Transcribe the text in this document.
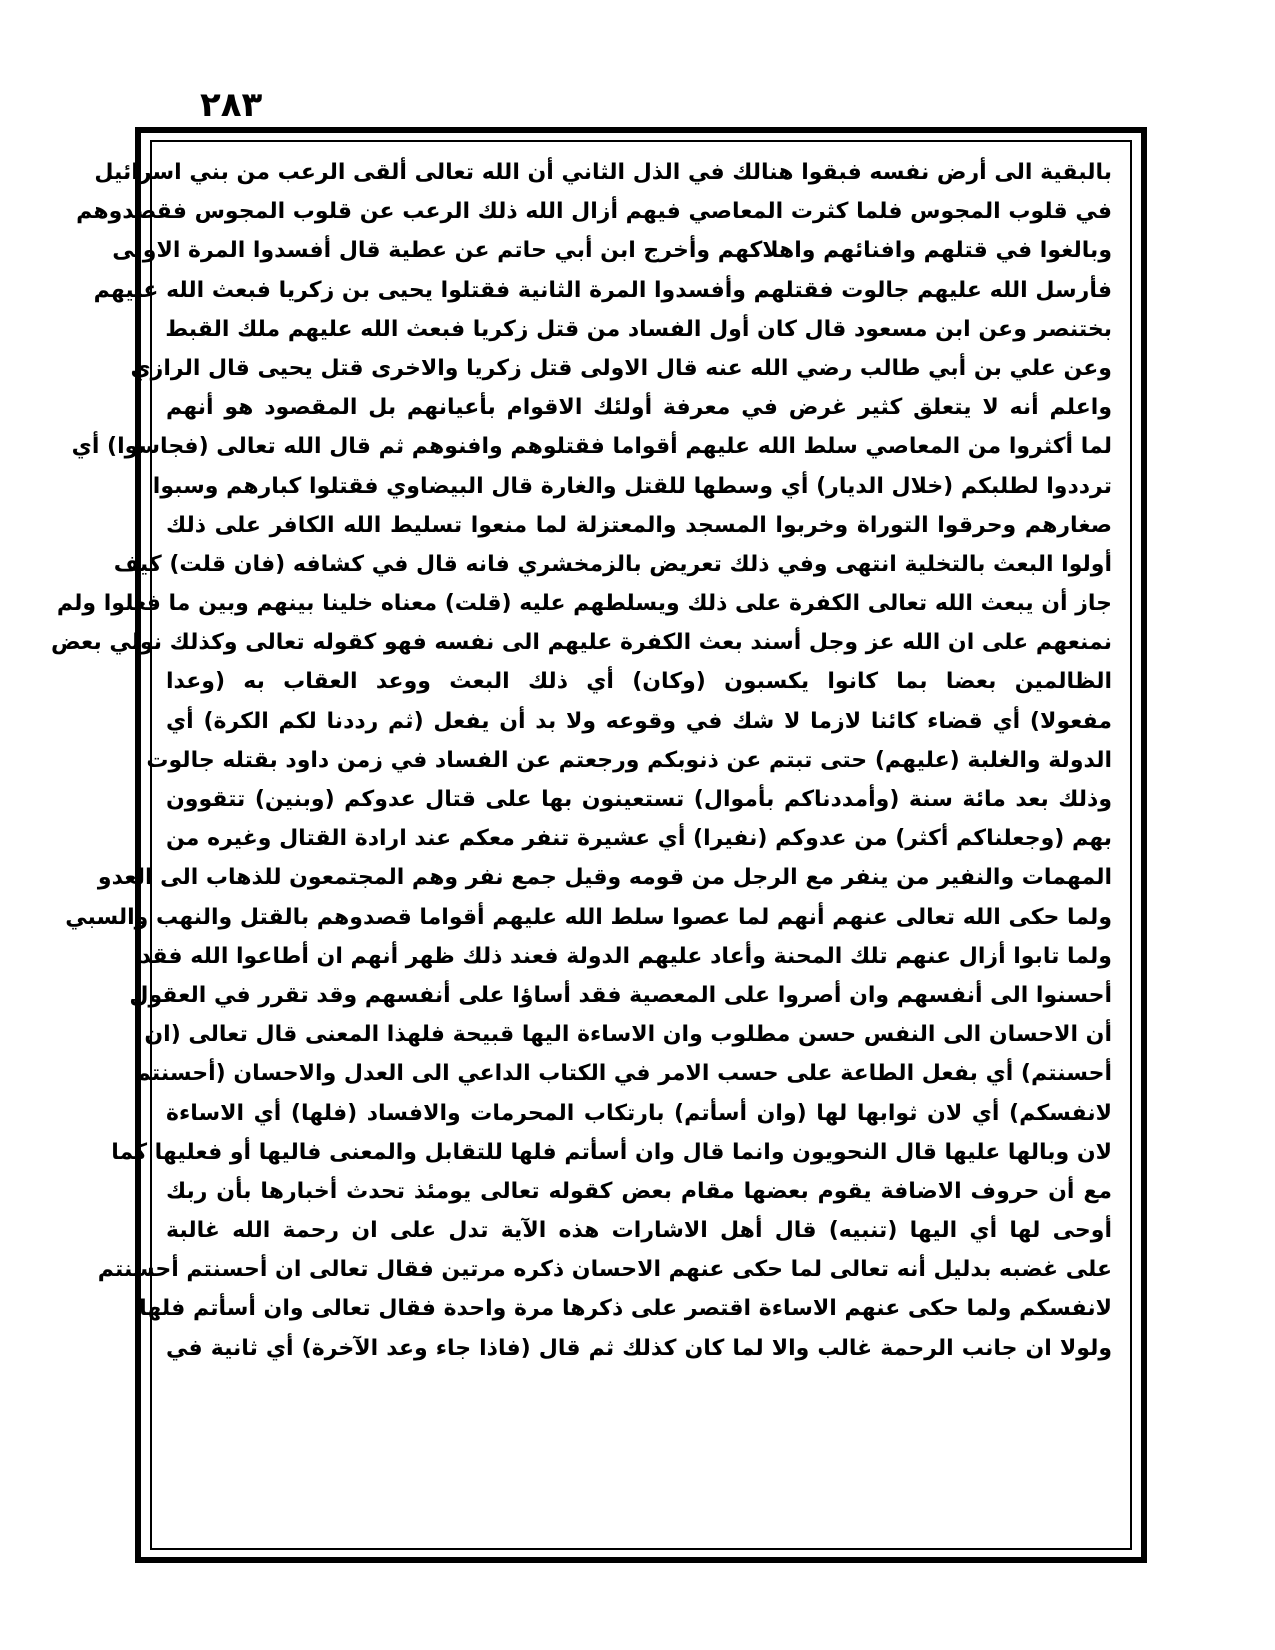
٢٨٣
بالبقية الى أرض نفسه فبقوا هنالك في الذل الثاني أن الله تعالى ألقى الرعب من بني اسرائيل
في قلوب المجوس فلما كثرت المعاصي فيهم أزال الله ذلك الرعب عن قلوب المجوس فقصدوهم
وبالغوا في قتلهم وافنائهم واهلاكهم وأخرج ابن أبي حاتم عن عطية قال أفسدوا المرة الاولى
فأرسل الله عليهم جالوت فقتلهم وأفسدوا المرة الثانية فقتلوا يحيى بن زكريا فبعث الله عليهم
بختنصر وعن ابن مسعود قال كان أول الفساد من قتل زكريا فبعث الله عليهم ملك القبط
وعن علي بن أبي طالب رضي الله عنه قال الاولى قتل زكريا والاخرى قتل يحيى قال الرازي
واعلم أنه لا يتعلق كثير غرض في معرفة أولئك الاقوام بأعيانهم بل المقصود هو أنهم
لما أكثروا من المعاصي سلط الله عليهم أقواما فقتلوهم وافنوهم ثم قال الله تعالى (فجاسوا) أي
ترددوا لطلبكم (خلال الديار) أي وسطها للقتل والغارة قال البيضاوي فقتلوا كبارهم وسبوا
صغارهم وحرقوا التوراة وخربوا المسجد والمعتزلة لما منعوا تسليط الله الكافر على ذلك
أولوا البعث بالتخلية انتهى وفي ذلك تعريض بالزمخشري فانه قال في كشافه (فان قلت) كيف
جاز أن يبعث الله تعالى الكفرة على ذلك ويسلطهم عليه (قلت) معناه خلينا بينهم وبين ما فعلوا ولم
نمنعهم على ان الله عز وجل أسند بعث الكفرة عليهم الى نفسه فهو كقوله تعالى وكذلك نولي بعض
الظالمين بعضا بما كانوا يكسبون (وكان) أي ذلك البعث ووعد العقاب به (وعدا
مفعولا) أي قضاء كائنا لازما لا شك في وقوعه ولا بد أن يفعل (ثم رددنا لكم الكرة) أي
الدولة والغلبة (عليهم) حتى تبتم عن ذنوبكم ورجعتم عن الفساد في زمن داود بقتله جالوت
وذلك بعد مائة سنة (وأمددناكم بأموال) تستعينون بها على قتال عدوكم (وبنين) تتقوون
بهم (وجعلناكم أكثر) من عدوكم (نفيرا) أي عشيرة تنفر معكم عند ارادة القتال وغيره من
المهمات والنفير من ينفر مع الرجل من قومه وقيل جمع نفر وهم المجتمعون للذهاب الى العدو
ولما حكى الله تعالى عنهم أنهم لما عصوا سلط الله عليهم أقواما قصدوهم بالقتل والنهب والسبي
ولما تابوا أزال عنهم تلك المحنة وأعاد عليهم الدولة فعند ذلك ظهر أنهم ان أطاعوا الله فقد
أحسنوا الى أنفسهم وان أصروا على المعصية فقد أساؤا على أنفسهم وقد تقرر في العقول
أن الاحسان الى النفس حسن مطلوب وان الاساءة اليها قبيحة فلهذا المعنى قال تعالى (ان
أحسنتم) أي بفعل الطاعة على حسب الامر في الكتاب الداعي الى العدل والاحسان (أحسنتم
لانفسكم) أي لان ثوابها لها (وان أسأتم) بارتكاب المحرمات والافساد (فلها) أي الاساءة
لان وبالها عليها قال النحويون وانما قال وان أسأتم فلها للتقابل والمعنى فاليها أو فعليها كما
مع أن حروف الاضافة يقوم بعضها مقام بعض كقوله تعالى يومئذ تحدث أخبارها بأن ربك
أوحى لها أي اليها (تنبيه) قال أهل الاشارات هذه الآية تدل على ان رحمة الله غالبة
على غضبه بدليل أنه تعالى لما حكى عنهم الاحسان ذكره مرتين فقال تعالى ان أحسنتم أحسنتم
لانفسكم ولما حكى عنهم الاساءة اقتصر على ذكرها مرة واحدة فقال تعالى وان أسأتم فلها
ولولا ان جانب الرحمة غالب والا لما كان كذلك ثم قال (فاذا جاء وعد الآخرة) أي ثانية في
